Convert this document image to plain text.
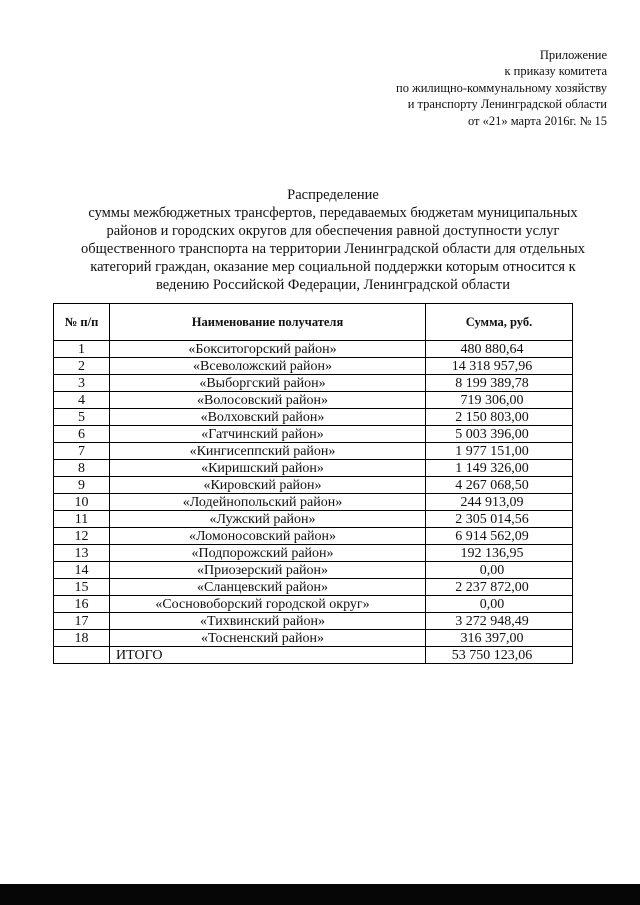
Приложение
к приказу комитета
по жилищно-коммунальному хозяйству
и транспорту Ленинградской области
от «21» марта 2016г. № 15
Распределение
суммы межбюджетных трансфертов, передаваемых бюджетам муниципальных
районов и городских округов для обеспечения равной доступности услуг
общественного транспорта на территории Ленинградской области для отдельных
категорий граждан, оказание мер социальной поддержки которым относится к
ведению Российской Федерации, Ленинградской области
№ п/п	Наименование получателя	Сумма, руб.
1	«Бокситогорский район»	480 880,64
2	«Всеволожский район»	14 318 957,96
3	«Выборгский район»	8 199 389,78
4	«Волосовский район»	719 306,00
5	«Волховский район»	2 150 803,00
6	«Гатчинский район»	5 003 396,00
7	«Кингисеппский район»	1 977 151,00
8	«Киришский район»	1 149 326,00
9	«Кировский район»	4 267 068,50
10	«Лодейнопольский район»	244 913,09
11	«Лужский район»	2 305 014,56
12	«Ломоносовский район»	6 914 562,09
13	«Подпорожский район»	192 136,95
14	«Приозерский район»	0,00
15	«Сланцевский район»	2 237 872,00
16	«Сосновоборский городской округ»	0,00
17	«Тихвинский район»	3 272 948,49
18	«Тосненский район»	316 397,00
	ИТОГО	53 750 123,06
